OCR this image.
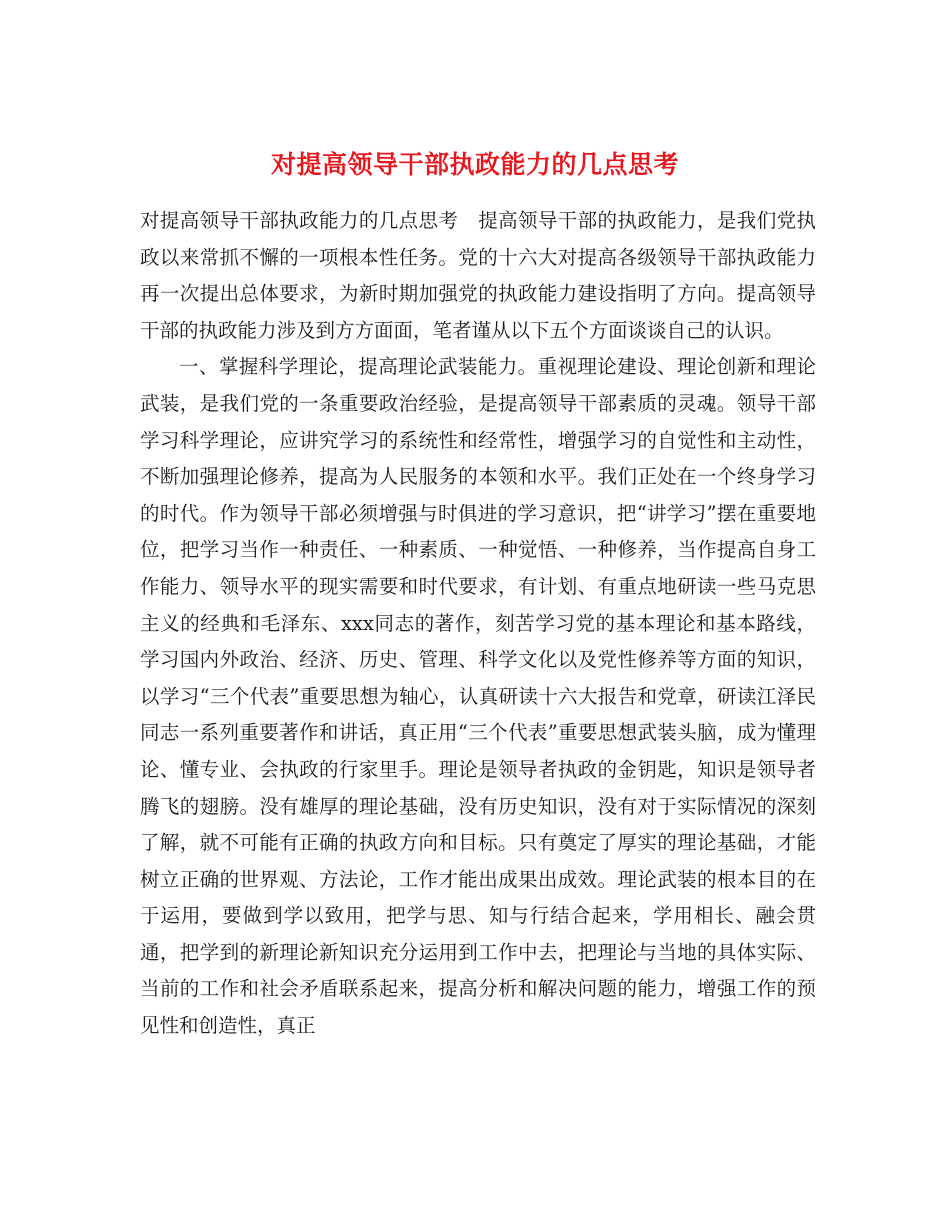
对提高领导干部执政能力的几点思考

对提高领导干部执政能力的几点思考　提高领导干部的执政能力，是我们党执政以来常抓不懈的一项根本性任务。党的十六大对提高各级领导干部执政能力再一次提出总体要求，为新时期加强党的执政能力建设指明了方向。提高领导干部的执政能力涉及到方方面面，笔者谨从以下五个方面谈谈自己的认识。

一、掌握科学理论，提高理论武装能力。重视理论建设、理论创新和理论武装，是我们党的一条重要政治经验，是提高领导干部素质的灵魂。领导干部学习科学理论，应讲究学习的系统性和经常性，增强学习的自觉性和主动性，不断加强理论修养，提高为人民服务的本领和水平。我们正处在一个终身学习的时代。作为领导干部必须增强与时俱进的学习意识，把“讲学习”摆在重要地位，把学习当作一种责任、一种素质、一种觉悟、一种修养，当作提高自身工作能力、领导水平的现实需要和时代要求，有计划、有重点地研读一些马克思主义的经典和毛泽东、xxx同志的著作，刻苦学习党的基本理论和基本路线，学习国内外政治、经济、历史、管理、科学文化以及党性修养等方面的知识，以学习“三个代表”重要思想为轴心，认真研读十六大报告和党章，研读江泽民同志一系列重要著作和讲话，真正用“三个代表”重要思想武装头脑，成为懂理论、懂专业、会执政的行家里手。理论是领导者执政的金钥匙，知识是领导者腾飞的翅膀。没有雄厚的理论基础，没有历史知识，没有对于实际情况的深刻了解，就不可能有正确的执政方向和目标。只有奠定了厚实的理论基础，才能树立正确的世界观、方法论，工作才能出成果出成效。理论武装的根本目的在于运用，要做到学以致用，把学与思、知与行结合起来，学用相长、融会贯通，把学到的新理论新知识充分运用到工作中去，把理论与当地的具体实际、当前的工作和社会矛盾联系起来，提高分析和解决问题的能力，增强工作的预见性和创造性，真正
